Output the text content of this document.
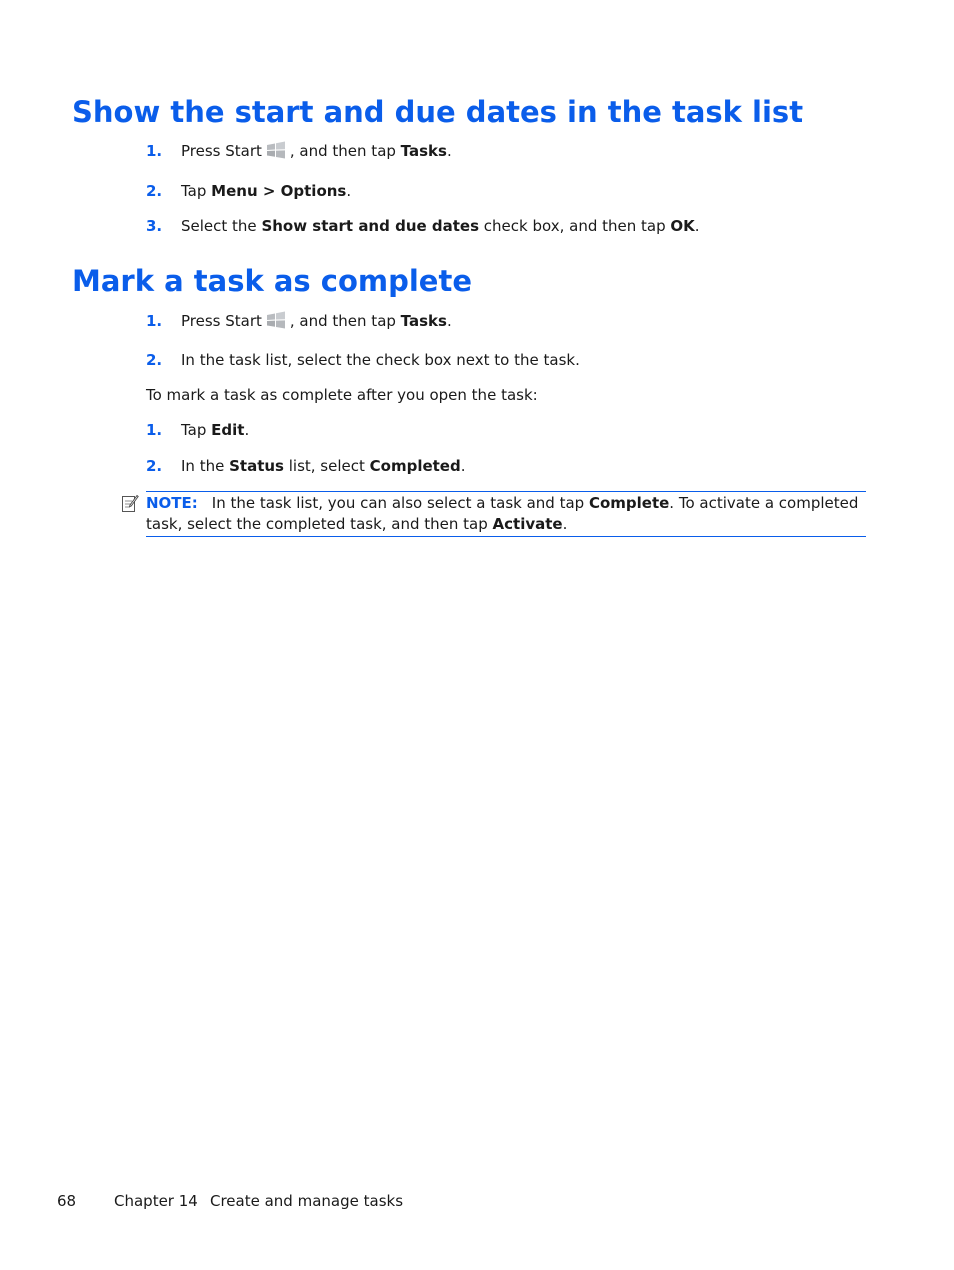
Show the start and due dates in the task list
1. Press Start , and then tap Tasks.
2. Tap Menu > Options.
3. Select the Show start and due dates check box, and then tap OK.
Mark a task as complete
1. Press Start , and then tap Tasks.
2. In the task list, select the check box next to the task.
To mark a task as complete after you open the task:
1. Tap Edit.
2. In the Status list, select Completed.
NOTE: In the task list, you can also select a task and tap Complete. To activate a completed task, select the completed task, and then tap Activate.
68	Chapter 14 Create and manage tasks
